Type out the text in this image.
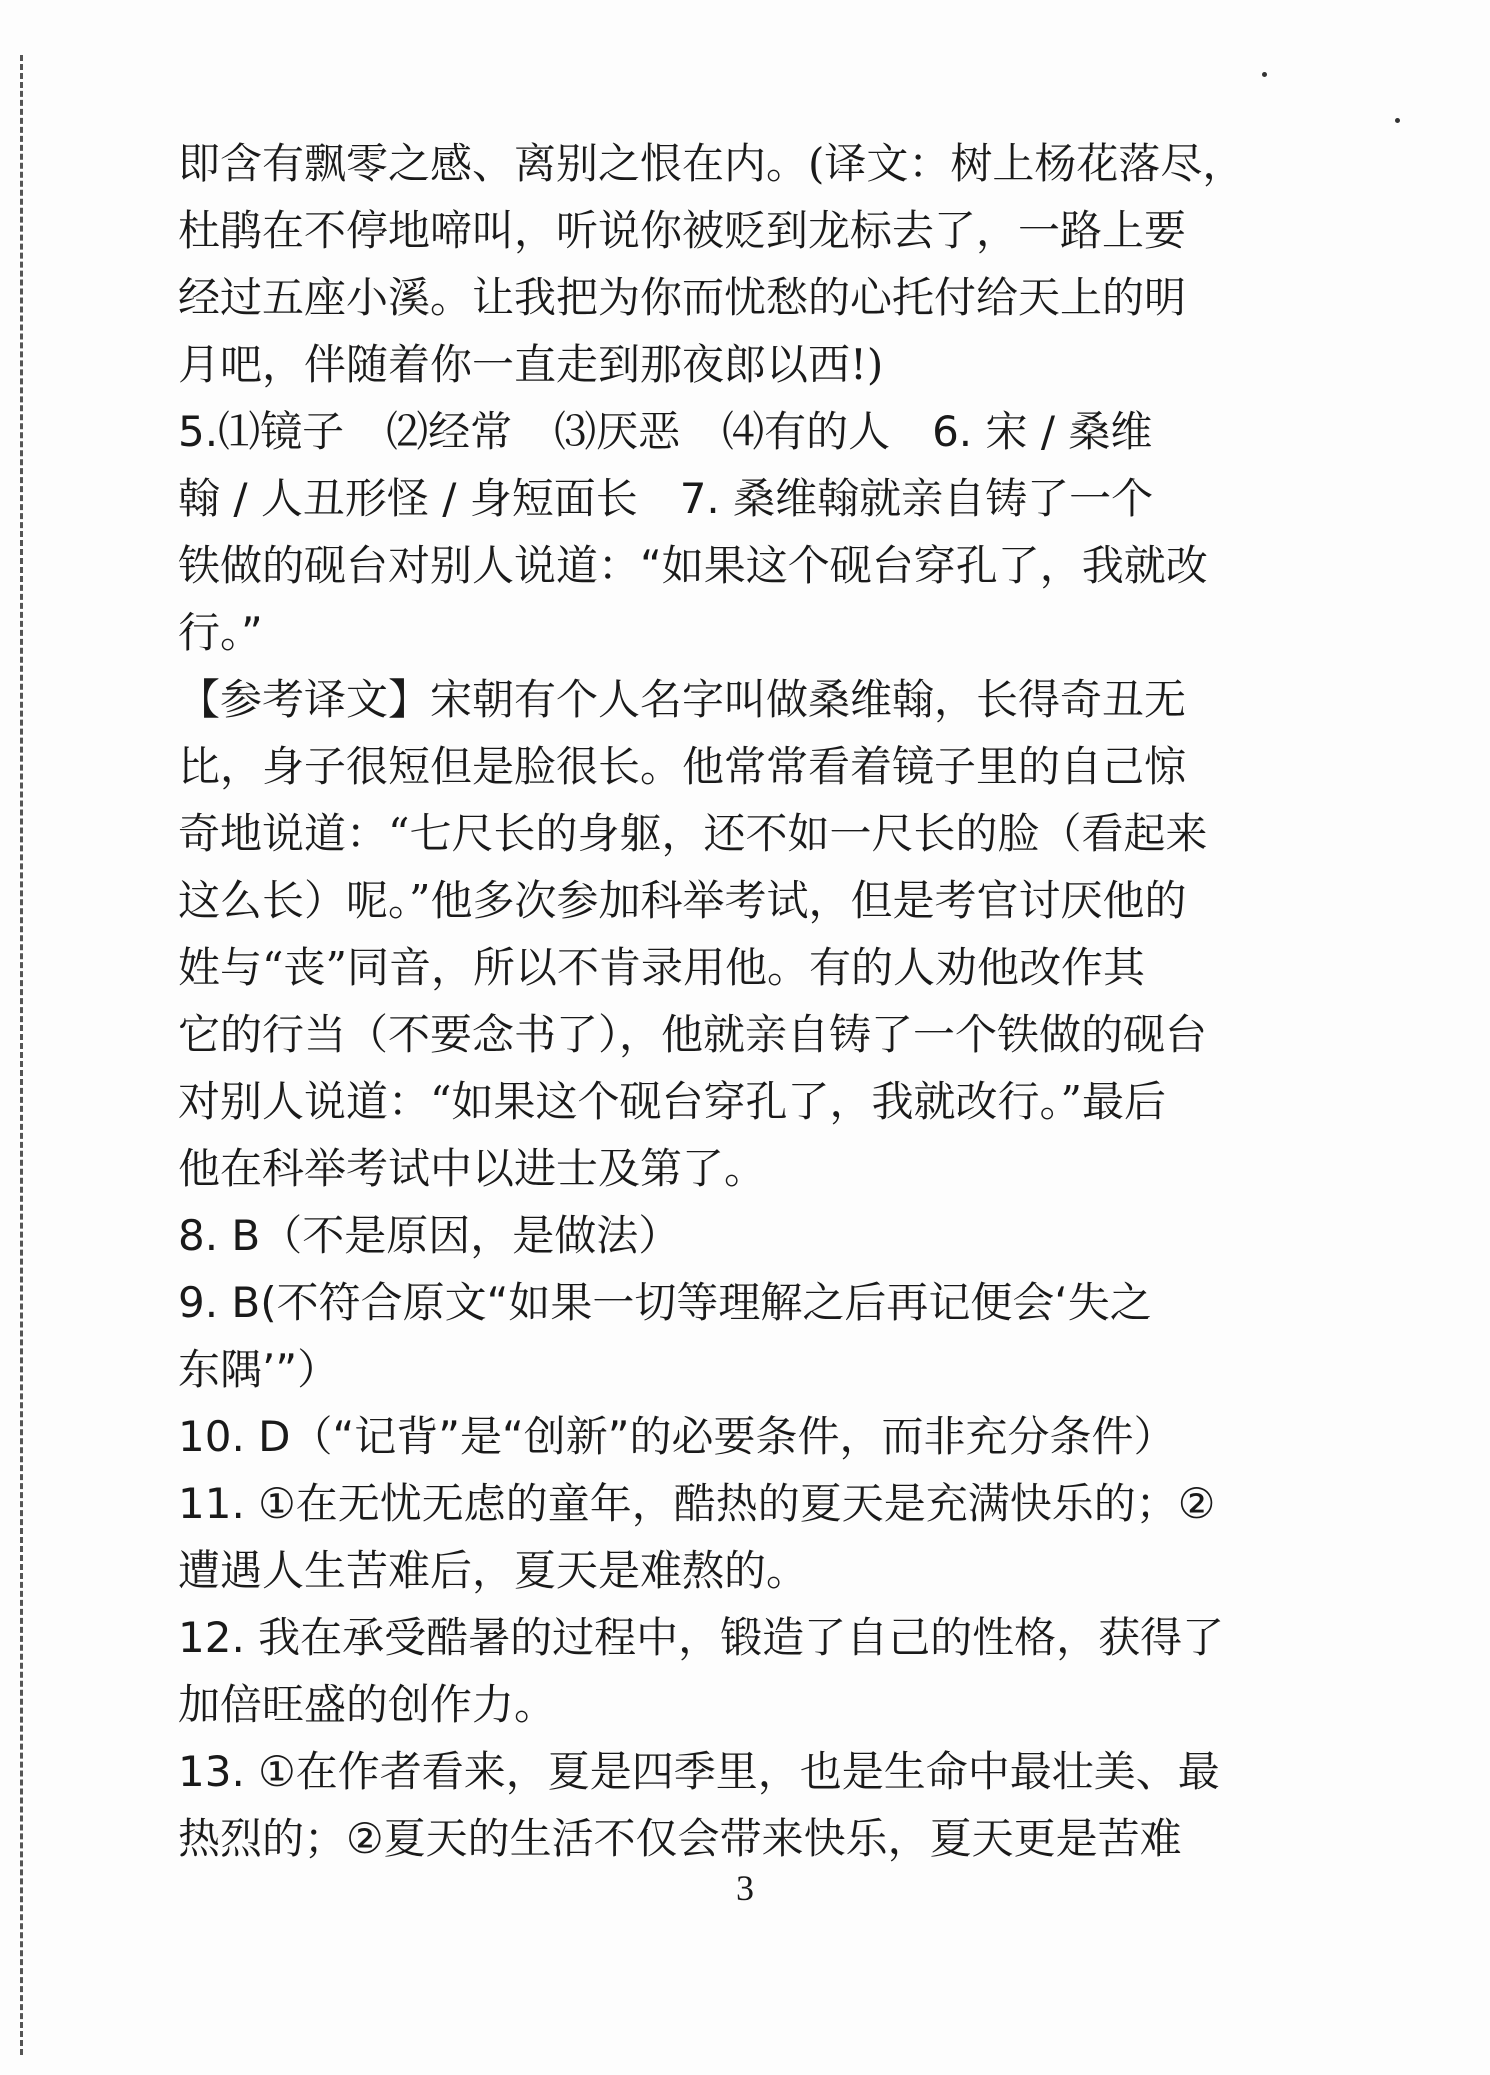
即含有飘零之感、离别之恨在内。(译文：树上杨花落尽，
杜鹃在不停地啼叫，听说你被贬到龙标去了，一路上要
经过五座小溪。让我把为你而忧愁的心托付给天上的明
月吧，伴随着你一直走到那夜郎以西!)
5.⑴镜子　⑵经常　⑶厌恶　⑷有的人　6. 宋 / 桑维
翰 / 人丑形怪 / 身短面长　7. 桑维翰就亲自铸了一个
铁做的砚台对别人说道：“如果这个砚台穿孔了，我就改
行。”
【参考译文】宋朝有个人名字叫做桑维翰，长得奇丑无
比，身子很短但是脸很长。他常常看着镜子里的自己惊
奇地说道：“七尺长的身躯，还不如一尺长的脸（看起来
这么长）呢。”他多次参加科举考试，但是考官讨厌他的
姓与“丧”同音，所以不肯录用他。有的人劝他改作其
它的行当（不要念书了），他就亲自铸了一个铁做的砚台
对别人说道：“如果这个砚台穿孔了，我就改行。”最后
他在科举考试中以进士及第了。
8. B（不是原因，是做法）
9. B(不符合原文“如果一切等理解之后再记便会‘失之
东隅’”）
10. D（“记背”是“创新”的必要条件，而非充分条件）
11. ①在无忧无虑的童年，酷热的夏天是充满快乐的；②
遭遇人生苦难后，夏天是难熬的。
12. 我在承受酷暑的过程中，锻造了自己的性格，获得了
加倍旺盛的创作力。
13. ①在作者看来，夏是四季里，也是生命中最壮美、最
热烈的；②夏天的生活不仅会带来快乐，夏天更是苦难
3
